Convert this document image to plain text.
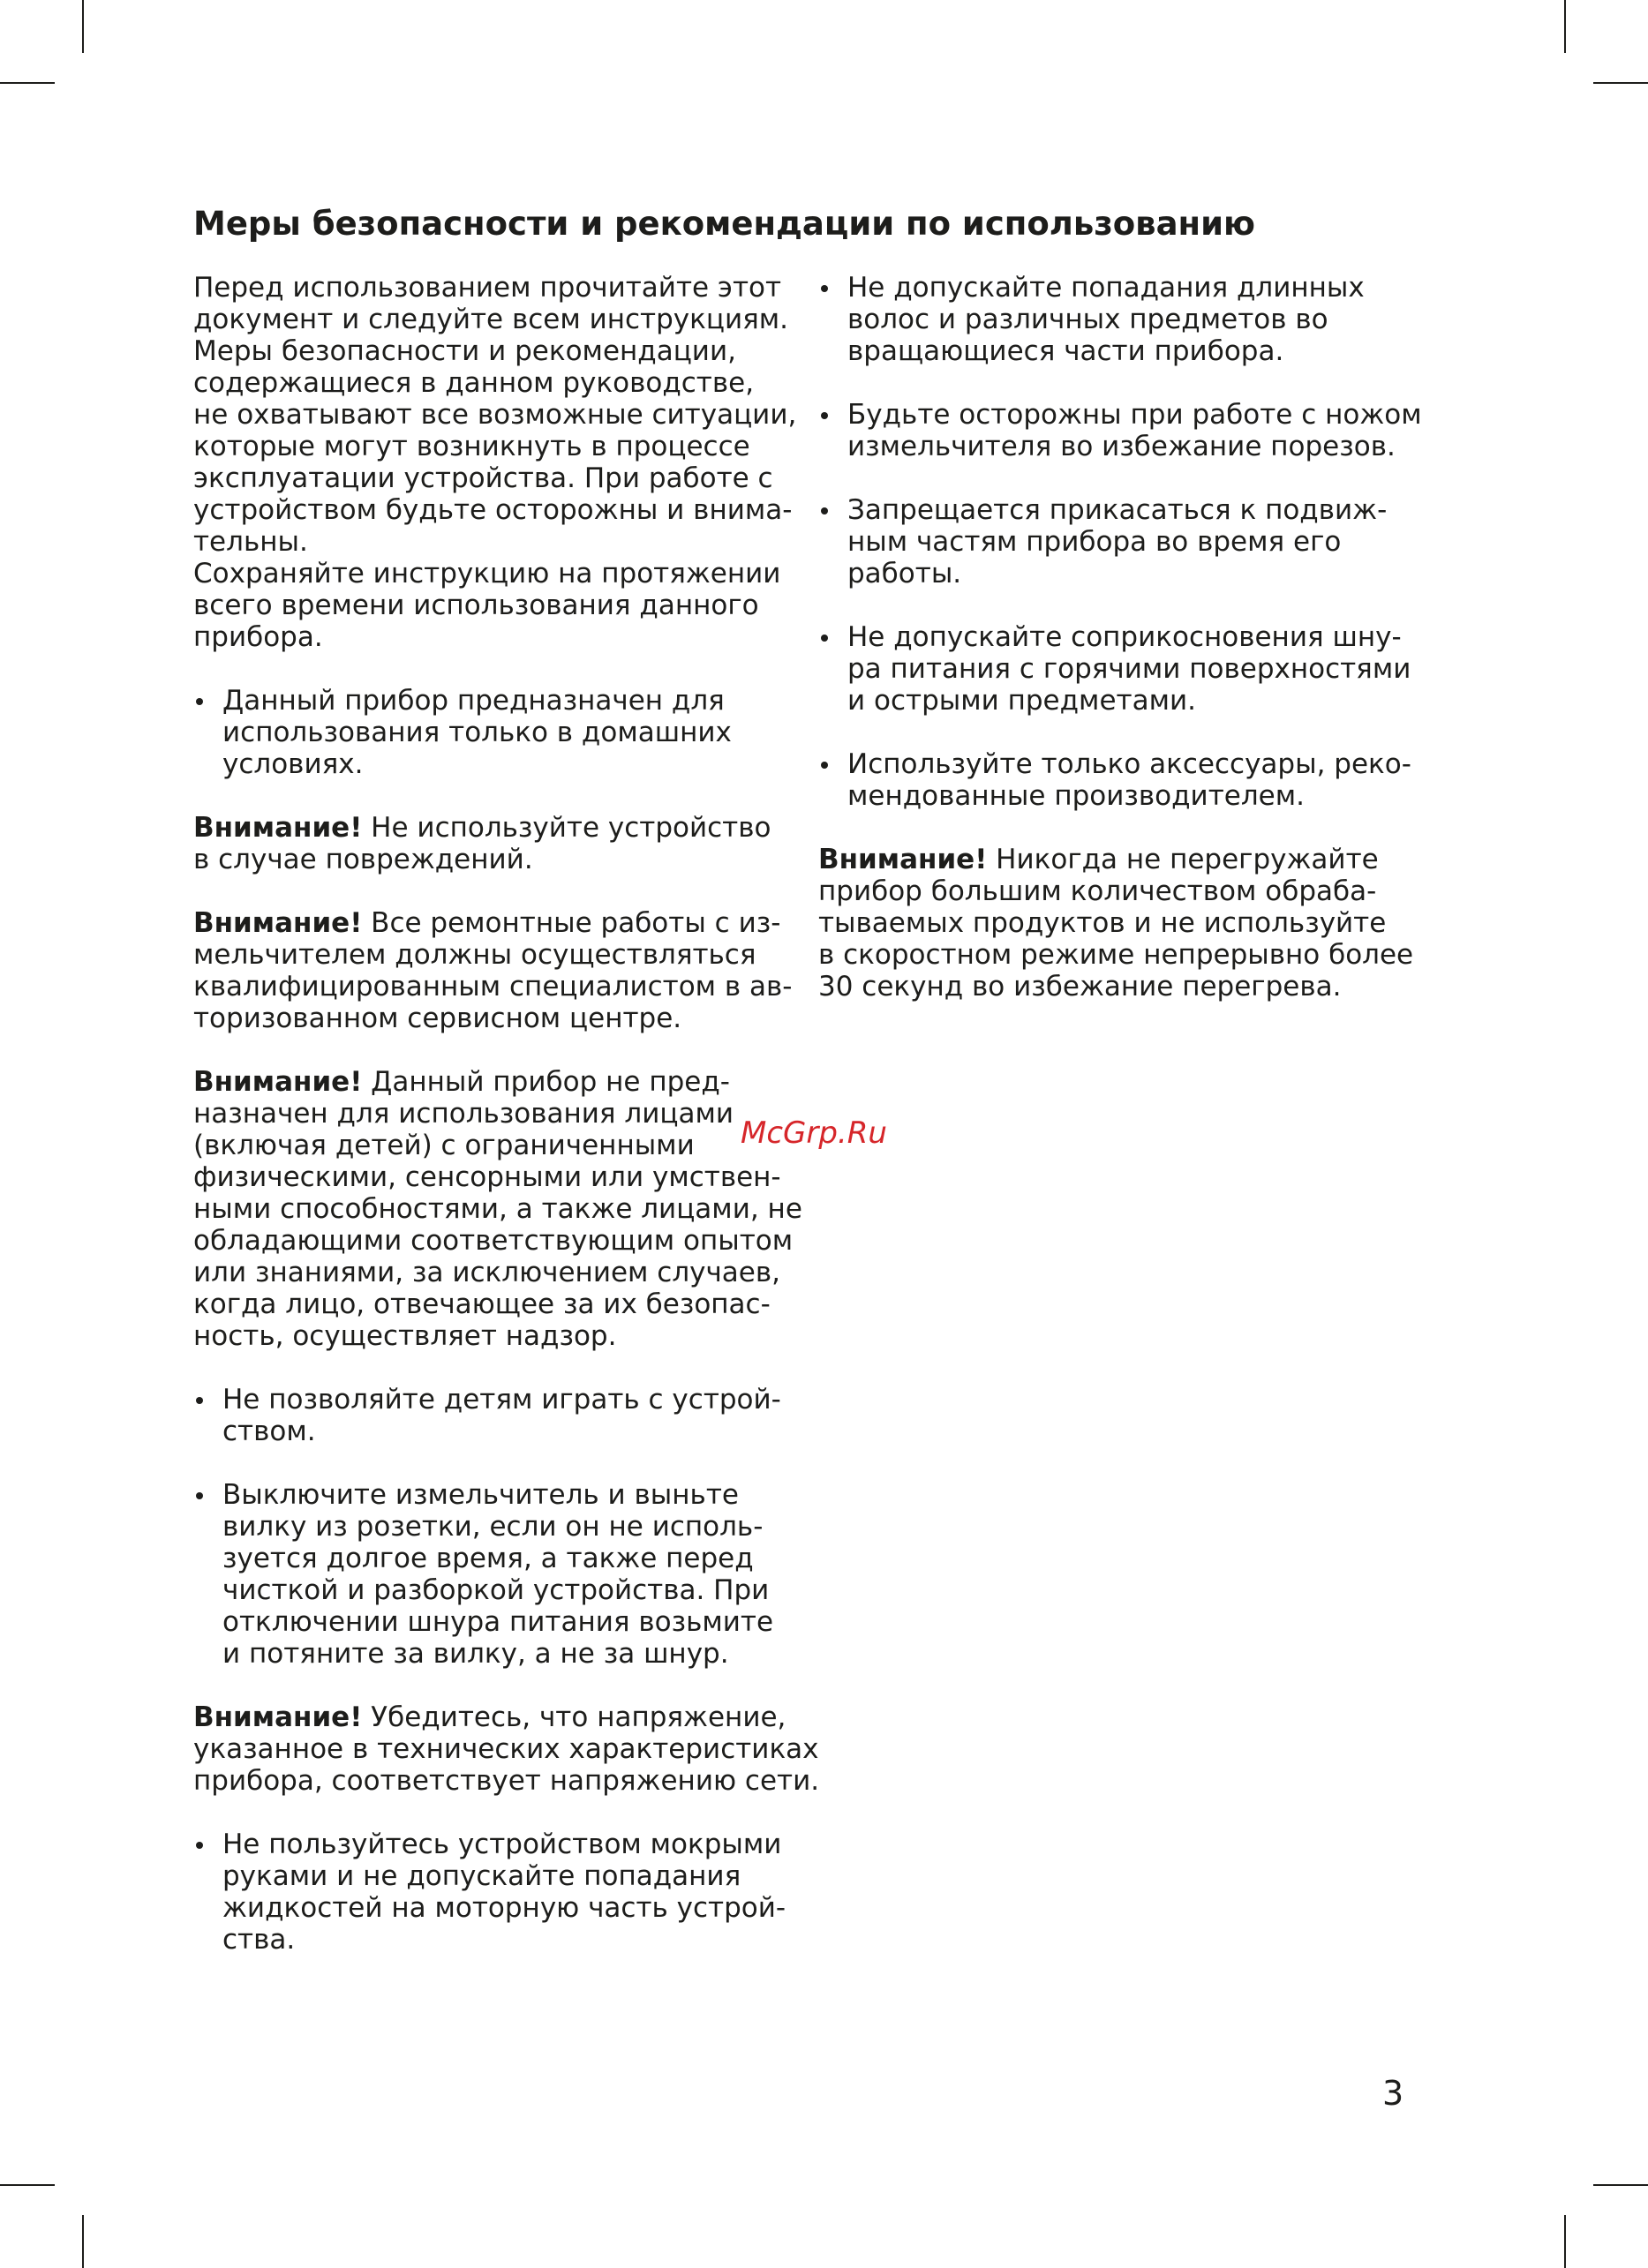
Меры безопасности и рекомендации по использованию

Перед использованием прочитайте этот
документ и следуйте всем инструкциям.
Меры безопасности и рекомендации,
содержащиеся в данном руководстве,
не охватывают все возможные ситуации,
которые могут возникнуть в процессе
эксплуатации устройства. При работе с
устройством будьте осторожны и внима-
тельны.
Сохраняйте инструкцию на протяжении
всего времени использования данного
прибора.

Данный прибор предназначен для
использования только в домашних
условиях.

Внимание! Не используйте устройство
в случае повреждений.

Внимание! Все ремонтные работы с из-
мельчителем должны осуществляться
квалифицированным специалистом в ав-
торизованном сервисном центре.

Внимание! Данный прибор не пред-
назначен для использования лицами
(включая детей) с ограниченными
физическими, сенсорными или умствен-
ными способностями, а также лицами, не
обладающими соответствующим опытом
или знаниями, за исключением случаев,
когда лицо, отвечающее за их безопас-
ность, осуществляет надзор.

Не позволяйте детям играть с устрой-
ством.
Выключите измельчитель и выньте
вилку из розетки, если он не исполь-
зуется долгое время, а также перед
чисткой и разборкой устройства. При
отключении шнура питания возьмите
и потяните за вилку, а не за шнур.

Внимание! Убедитесь, что напряжение,
указанное в технических характеристиках
прибора, соответствует напряжению сети.

Не пользуйтесь устройством мокрыми
руками и не допускайте попадания
жидкостей на моторную часть устрой-
ства.
Не допускайте попадания длинных
волос и различных предметов во
вращающиеся части прибора.
Будьте осторожны при работе с ножом
измельчителя во избежание порезов.
Запрещается прикасаться к подвиж-
ным частям прибора во время его
работы.
Не допускайте соприкосновения шну-
ра питания с горячими поверхностями
и острыми предметами.
Используйте только аксессуары, реко-
мендованные производителем.

Внимание! Никогда не перегружайте
прибор большим количеством обраба-
тываемых продуктов и не используйте
в скоростном режиме непрерывно более
30 секунд во избежание перегрева.

McGrp.Ru
3
